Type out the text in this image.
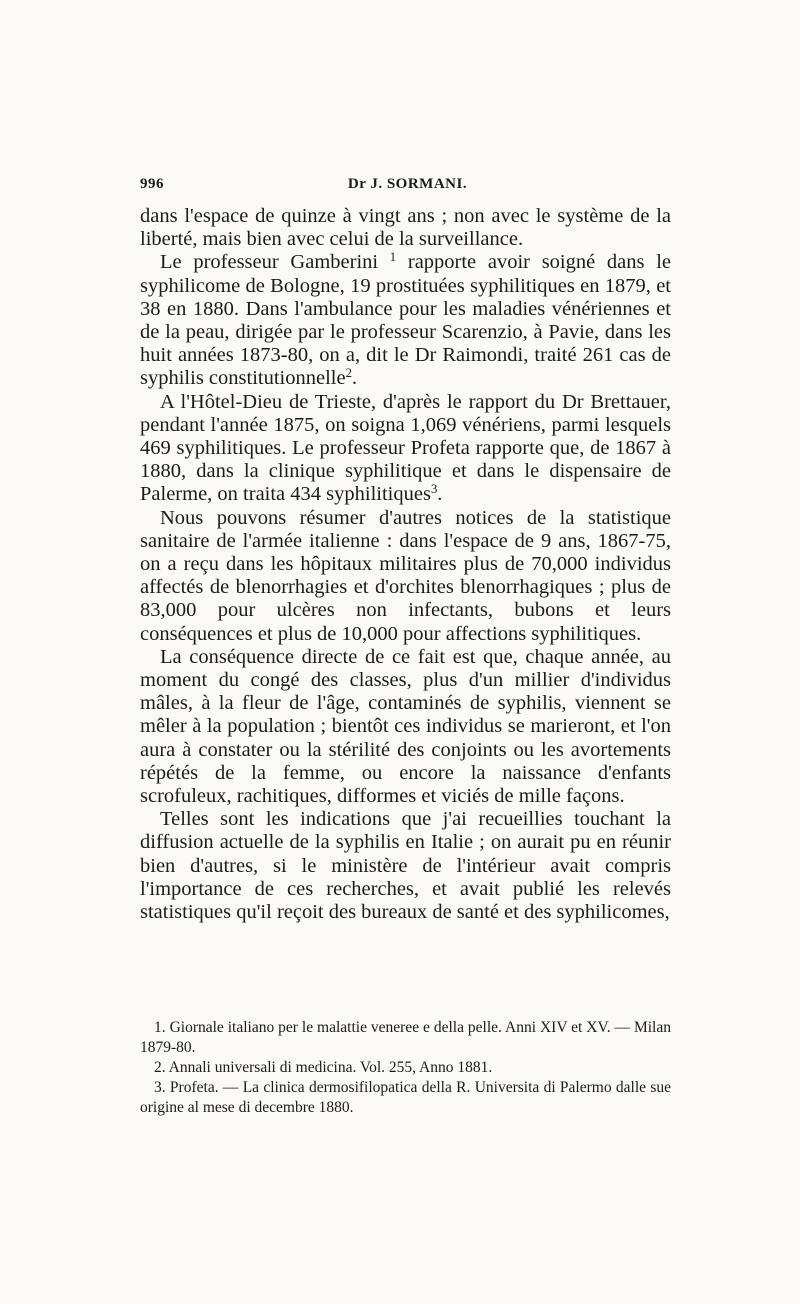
996	Dr J. SORMANI.

dans l'espace de quinze à vingt ans ; non avec le système de la liberté, mais bien avec celui de la surveillance.

Le professeur Gamberini $^1$ rapporte avoir soigné dans le syphilicome de Bologne, 19 prostituées syphilitiques en 1879, et 38 en 1880. Dans l'ambulance pour les maladies vénériennes et de la peau, dirigée par le professeur Scarenzio, à Pavie, dans les huit années 1873-80, on a, dit le Dr Raimondi, traité 261 cas de syphilis constitutionnelle$^2$.

A l'Hôtel-Dieu de Trieste, d'après le rapport du Dr Brettauer, pendant l'année 1875, on soigna 1,069 vénériens, parmi lesquels 469 syphilitiques. Le professeur Profeta rapporte que, de 1867 à 1880, dans la clinique syphilitique et dans le dispensaire de Palerme, on traita 434 syphilitiques$^3$.

Nous pouvons résumer d'autres notices de la statistique sanitaire de l'armée italienne : dans l'espace de 9 ans, 1867-75, on a reçu dans les hôpitaux militaires plus de 70,000 individus affectés de blenorrhagies et d'orchites blenorrhagiques ; plus de 83,000 pour ulcères non infectants, bubons et leurs conséquences et plus de 10,000 pour affections syphilitiques.

La conséquence directe de ce fait est que, chaque année, au moment du congé des classes, plus d'un millier d'individus mâles, à la fleur de l'âge, contaminés de syphilis, viennent se mêler à la population ; bientôt ces individus se marieront, et l'on aura à constater ou la stérilité des conjoints ou les avortements répétés de la femme, ou encore la naissance d'enfants scrofuleux, rachitiques, difformes et viciés de mille façons.

Telles sont les indications que j'ai recueillies touchant la diffusion actuelle de la syphilis en Italie ; on aurait pu en réunir bien d'autres, si le ministère de l'intérieur avait compris l'importance de ces recherches, et avait publié les relevés statistiques qu'il reçoit des bureaux de santé et des syphilicomes,

1. Giornale italiano per le malattie veneree e della pelle. Anni XIV et XV. — Milan 1879-80.

2. Annali universali di medicina. Vol. 255, Anno 1881.

3. Profeta. — La clinica dermosifilopatica della R. Universita di Palermo dalle sue origine al mese di decembre 1880.
